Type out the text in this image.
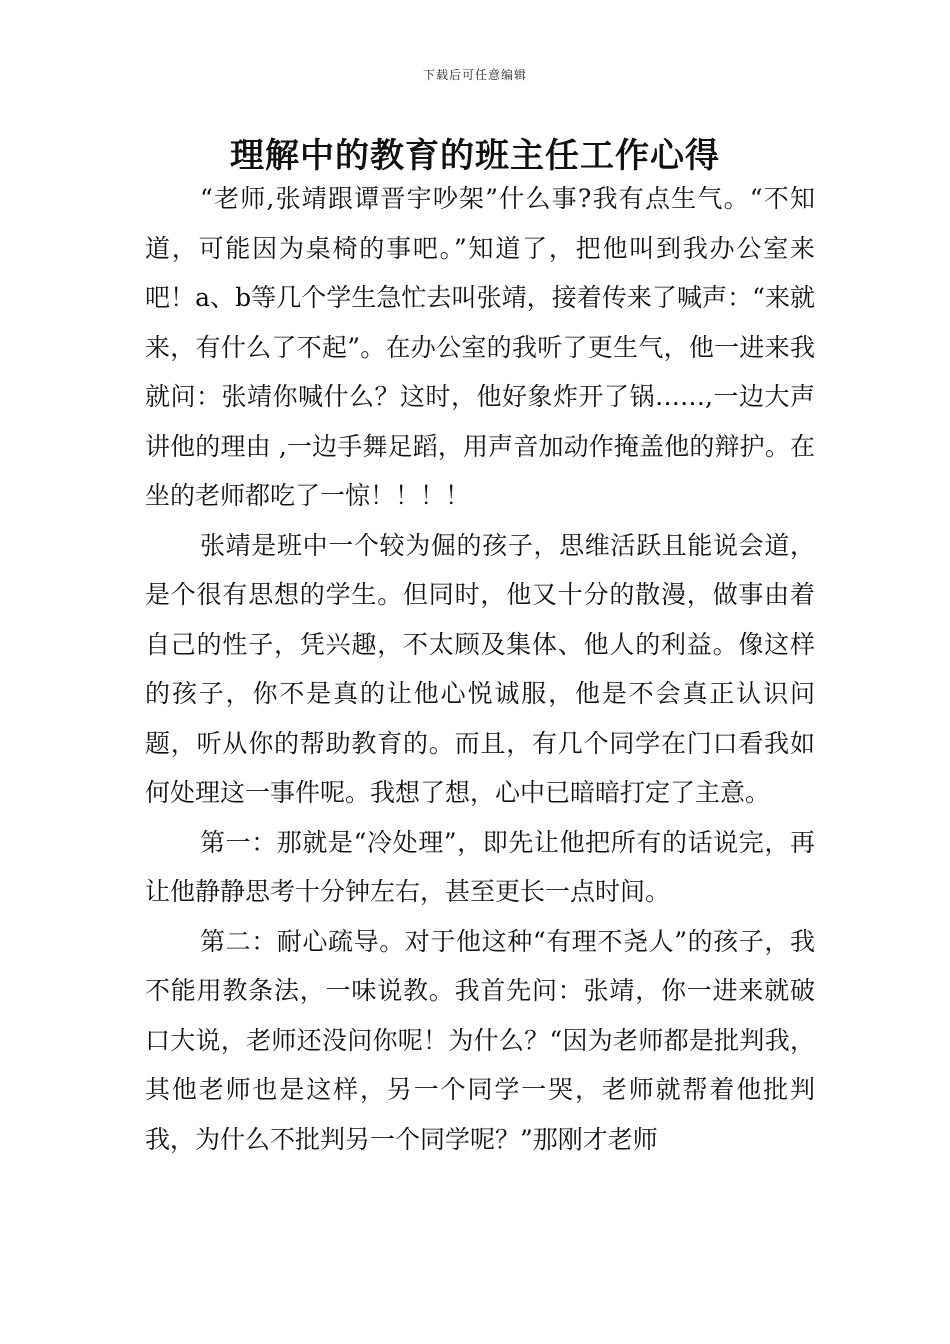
下载后可任意编辑
理解中的教育的班主任工作心得

“老师,张靖跟谭晋宇吵架”什么事?我有点生气。“不知道，可能因为桌椅的事吧。”知道了，把他叫到我办公室来吧！a、b等几个学生急忙去叫张靖，接着传来了喊声：“来就来，有什么了不起”。在办公室的我听了更生气，他一进来我就问：张靖你喊什么？这时，他好象炸开了锅……,一边大声讲他的理由 ,一边手舞足蹈，用声音加动作掩盖他的辩护。在坐的老师都吃了一惊！！！！

张靖是班中一个较为倔的孩子，思维活跃且能说会道，是个很有思想的学生。但同时，他又十分的散漫，做事由着自己的性子，凭兴趣，不太顾及集体、他人的利益。像这样的孩子，你不是真的让他心悦诚服，他是不会真正认识问题，听从你的帮助教育的。而且，有几个同学在门口看我如何处理这一事件呢。我想了想，心中已暗暗打定了主意。

第一：那就是“冷处理”，即先让他把所有的话说完，再让他静静思考十分钟左右，甚至更长一点时间。

第二：耐心疏导。对于他这种“有理不尧人”的孩子，我不能用教条法，一味说教。我首先问：张靖，你一进来就破口大说，老师还没问你呢！为什么？“因为老师都是批判我，其他老师也是这样，另一个同学一哭，老师就帮着他批判我，为什么不批判另一个同学呢？”那刚才老师
